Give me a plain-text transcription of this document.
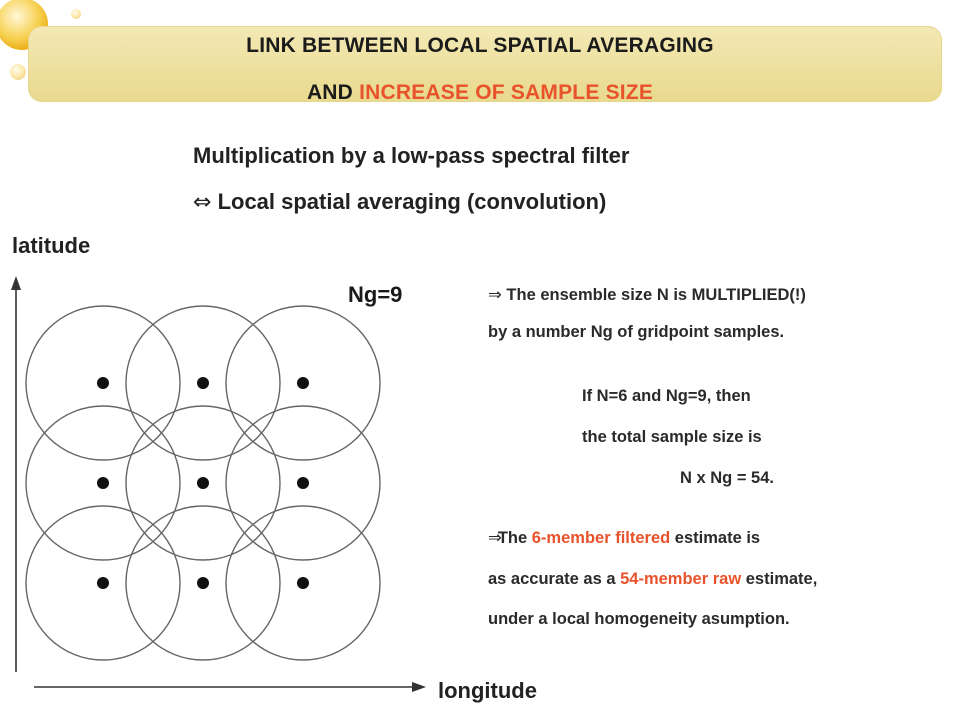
LINK BETWEEN LOCAL SPATIAL AVERAGING
AND INCREASE OF SAMPLE SIZE
Multiplication by a low-pass spectral filter
⇔ Local spatial averaging (convolution)
latitude
longitude
Ng=9	⇒ The ensemble size N is MULTIPLIED(!)
by a number Ng of gridpoint samples.
If N=6 and Ng=9, then
the total sample size is
N x Ng = 54.
⇒The 6-member filtered estimate is
as accurate as a 54-member raw estimate,
under a local homogeneity asumption.
